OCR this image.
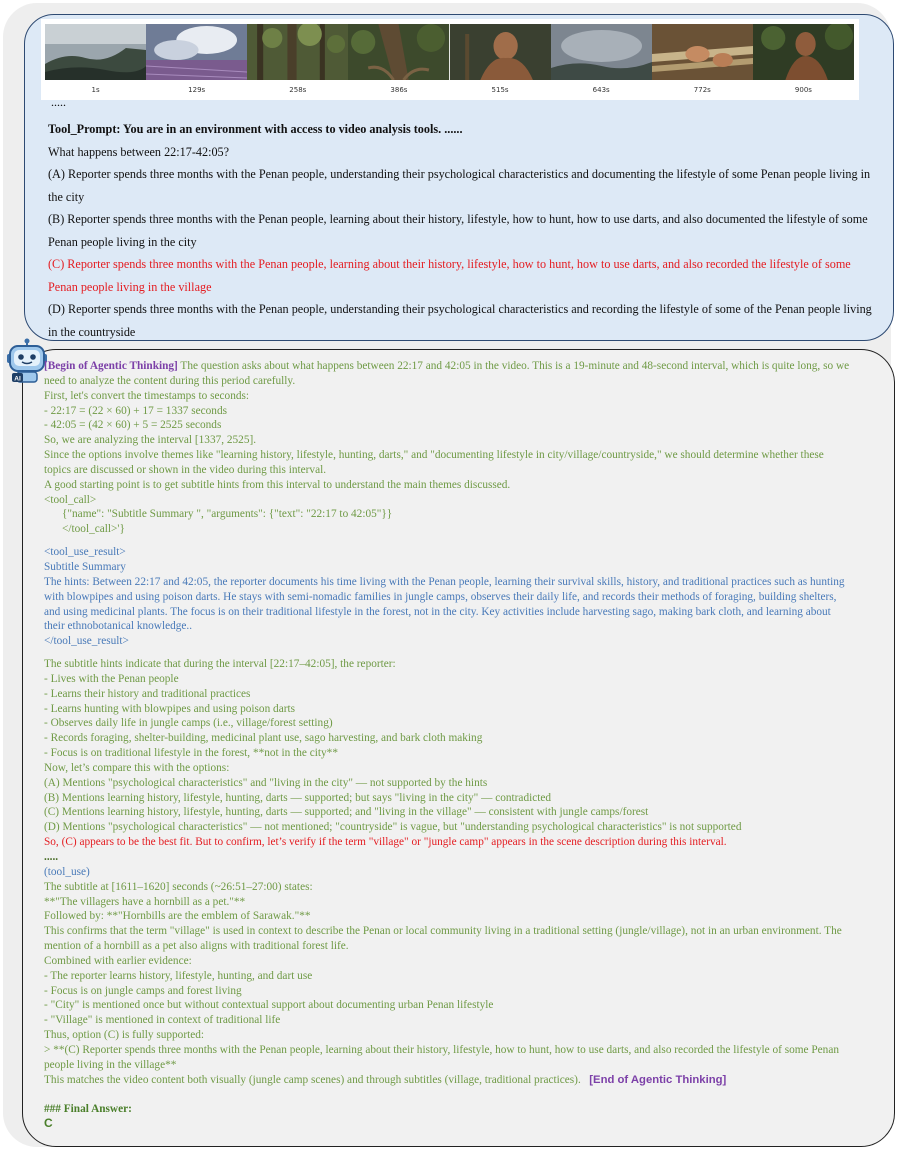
1s	129s	258s	386s	515s	643s	772s	900s
.....

Tool_Prompt: You are in an environment with access to video analysis tools. ......

What happens between 22:17-42:05?

(A) Reporter spends three months with the Penan people, understanding their psychological characteristics and documenting the lifestyle of some Penan people living in the city

(B) Reporter spends three months with the Penan people, learning about their history, lifestyle, how to hunt, how to use darts, and also documented the lifestyle of some Penan people living in the city

(C) Reporter spends three months with the Penan people, learning about their history, lifestyle, how to hunt, how to use darts, and also recorded the lifestyle of some Penan people living in the village

(D) Reporter spends three months with the Penan people, understanding their psychological characteristics and recording the lifestyle of some of the Penan people living in the countryside

AI

[Begin of Agentic Thinking] The question asks about what happens between 22:17 and 42:05 in the video. This is a 19-minute and 48-second interval, which is quite long, so we need to analyze the content during this period carefully.

First, let's convert the timestamps to seconds:

- 22:17 = (22 × 60) + 17 = 1337 seconds

- 42:05 = (42 × 60) + 5 = 2525 seconds

So, we are analyzing the interval [1337, 2525].

Since the options involve themes like "learning history, lifestyle, hunting, darts," and "documenting lifestyle in city/village/countryside," we should determine whether these topics are discussed or shown in the video during this interval.

A good starting point is to get subtitle hints from this interval to understand the main themes discussed.

<tool_call>

{"name": "Subtitle Summary ", "arguments": {"text": "22:17 to 42:05"}}

</tool_call>'}

<tool_use_result>

Subtitle Summary

The hints: Between 22:17 and 42:05, the reporter documents his time living with the Penan people, learning their survival skills, history, and traditional practices such as hunting with blowpipes and using poison darts. He stays with semi-nomadic families in jungle camps, observes their daily life, and records their methods of foraging, building shelters, and using medicinal plants. The focus is on their traditional lifestyle in the forest, not in the city. Key activities include harvesting sago, making bark cloth, and learning about their ethnobotanical knowledge..

</tool_use_result>

The subtitle hints indicate that during the interval [22:17–42:05], the reporter:

- Lives with the Penan people

- Learns their history and traditional practices

- Learns hunting with blowpipes and using poison darts

- Observes daily life in jungle camps (i.e., village/forest setting)

- Records foraging, shelter-building, medicinal plant use, sago harvesting, and bark cloth making

- Focus is on traditional lifestyle in the forest, **not in the city**

Now, let’s compare this with the options:

(A) Mentions "psychological characteristics" and "living in the city" — not supported by the hints

(B) Mentions learning history, lifestyle, hunting, darts — supported; but says "living in the city" — contradicted

(C) Mentions learning history, lifestyle, hunting, darts — supported; and "living in the village" — consistent with jungle camps/forest

(D) Mentions "psychological characteristics" — not mentioned; "countryside" is vague, but "understanding psychological characteristics" is not supported

So, (C) appears to be the best fit. But to confirm, let’s verify if the term "village" or "jungle camp" appears in the scene description during this interval.

.....

(tool_use)

The subtitle at [1611–1620] seconds (~26:51–27:00) states:

**"The villagers have a hornbill as a pet."**

Followed by: **"Hornbills are the emblem of Sarawak."**

This confirms that the term "village" is used in context to describe the Penan or local community living in a traditional setting (jungle/village), not in an urban environment. The mention of a hornbill as a pet also aligns with traditional forest life.

Combined with earlier evidence:

- The reporter learns history, lifestyle, hunting, and dart use

- Focus is on jungle camps and forest living

- "City" is mentioned once but without contextual support about documenting urban Penan lifestyle

- "Village" is mentioned in context of traditional life

Thus, option (C) is fully supported:

> **(C) Reporter spends three months with the Penan people, learning about their history, lifestyle, how to hunt, how to use darts, and also recorded the lifestyle of some Penan people living in the village**

This matches the video content both visually (jungle camp scenes) and through subtitles (village, traditional practices). [End of Agentic Thinking]

### Final Answer:

C
